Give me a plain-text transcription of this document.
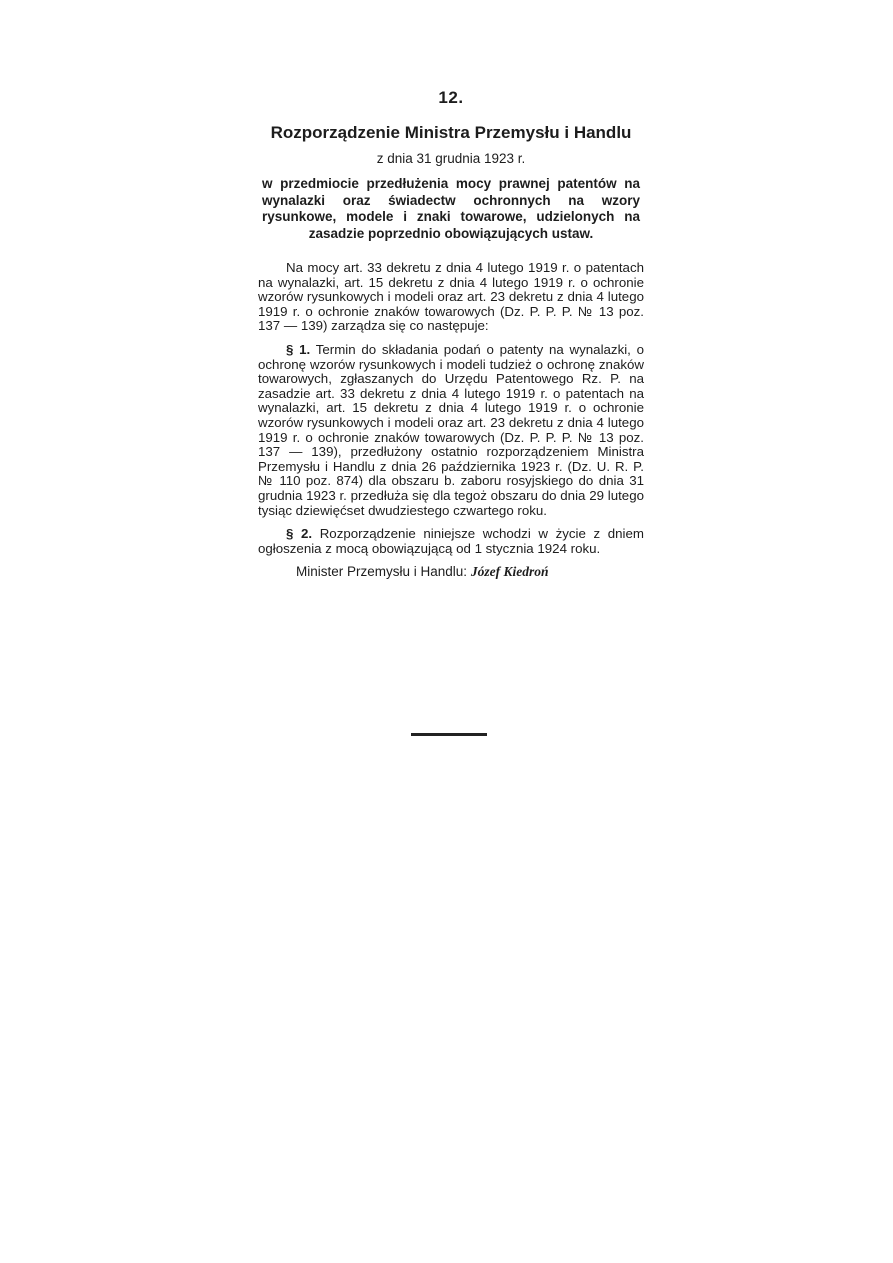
12.
Rozporządzenie Ministra Przemysłu i Handlu
z dnia 31 grudnia 1923 r.
w przedmiocie przedłużenia mocy prawnej patentów na wynalazki oraz świadectw ochronnych na wzory rysunkowe, modele i znaki towarowe, udzielonych na zasadzie poprzednio obowiązujących ustaw.

Na mocy art. 33 dekretu z dnia 4 lutego 1919 r. o patentach na wynalazki, art. 15 dekretu z dnia 4 lutego 1919 r. o ochronie wzorów rysunkowych i modeli oraz art. 23 dekretu z dnia 4 lutego 1919 r. o ochronie znaków towarowych (Dz. P. P. P. № 13 poz. 137 — 139) zarządza się co następuje:

§ 1. Termin do składania podań o patenty na wynalazki, o ochronę wzorów rysunkowych i modeli tudzież o ochronę znaków towarowych, zgłaszanych do Urzędu Patentowego Rz. P. na zasadzie art. 33 dekretu z dnia 4 lutego 1919 r. o patentach na wynalazki, art. 15 dekretu z dnia 4 lutego 1919 r. o ochronie wzorów rysunkowych i modeli oraz art. 23 dekretu z dnia 4 lutego 1919 r. o ochronie znaków towarowych (Dz. P. P. P. № 13 poz. 137 — 139), przedłużony ostatnio rozporządzeniem Ministra Przemysłu i Handlu z dnia 26 października 1923 r. (Dz. U. R. P. № 110 poz. 874) dla obszaru b. zaboru rosyjskiego do dnia 31 grudnia 1923 r. przedłuża się dla tegoż obszaru do dnia 29 lutego tysiąc dziewięćset dwudziestego czwartego roku.

§ 2. Rozporządzenie niniejsze wchodzi w życie z dniem ogłoszenia z mocą obowiązującą od 1 stycznia 1924 roku.

Minister Przemysłu i Handlu: Józef Kiedroń
